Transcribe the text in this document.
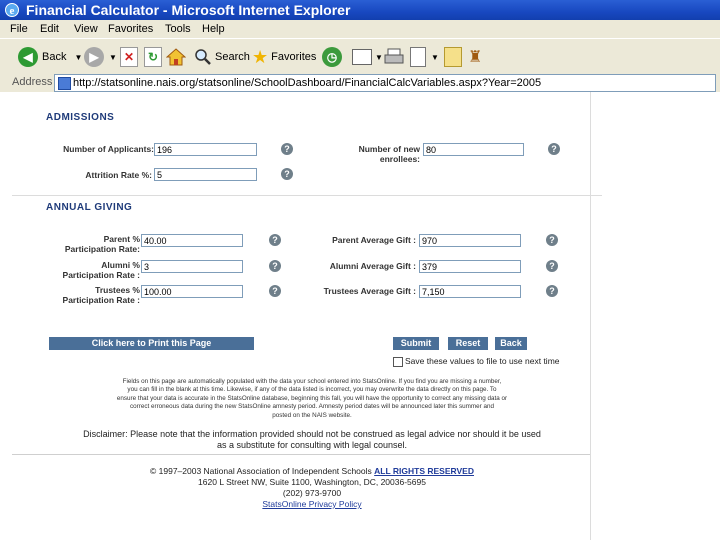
e Financial Calculator - Microsoft Internet Explorer
File Edit View Favorites Tools Help
◀ Back ▼ ▶	▼ ✕	↻	Search ★ Favorites ◷	▼	▼ ♜
Address http://statsonline.nais.org/statsonline/SchoolDashboard/FinancialCalcVariables.aspx?Year=2005
ADMISSIONS
Number of Applicants: 196	?	Number of new enrollees:
80	?
Attrition Rate %: 5	?
ANNUAL GIVING
Parent % Participation Rate:
40.00	?	Parent Average Gift : 970	?
Alumni % Participation Rate :
3	?	Alumni Average Gift : 379	?
Trustees % Participation Rate :
100.00	?	Trustees Average Gift : 7,150	?
Click here to Print this Page	Submit	Reset	Back
Save these values to file to use next time
Fields on this page are automatically populated with the data your school entered into StatsOnline. If you find you are missing a number,
you can fill in the blank at this time. Likewise, if any of the data listed is incorrect, you may overwrite the data directly on this page. To
ensure that your data is accurate in the StatsOnline database, beginning this fall, you will have the opportunity to correct any missing data or
correct erroneous data during the new StatsOnline amnesty period. Amnesty period dates will be announced later this summer and
posted on the NAIS website.
Disclaimer: Please note that the information provided should not be construed as legal advice nor should it be used
as a substitute for consulting with legal counsel.
© 1997–2003 National Association of Independent Schools ALL RIGHTS RESERVED
1620 L Street NW, Suite 1100, Washington, DC, 20036-5695
(202) 973-9700
StatsOnline Privacy Policy
